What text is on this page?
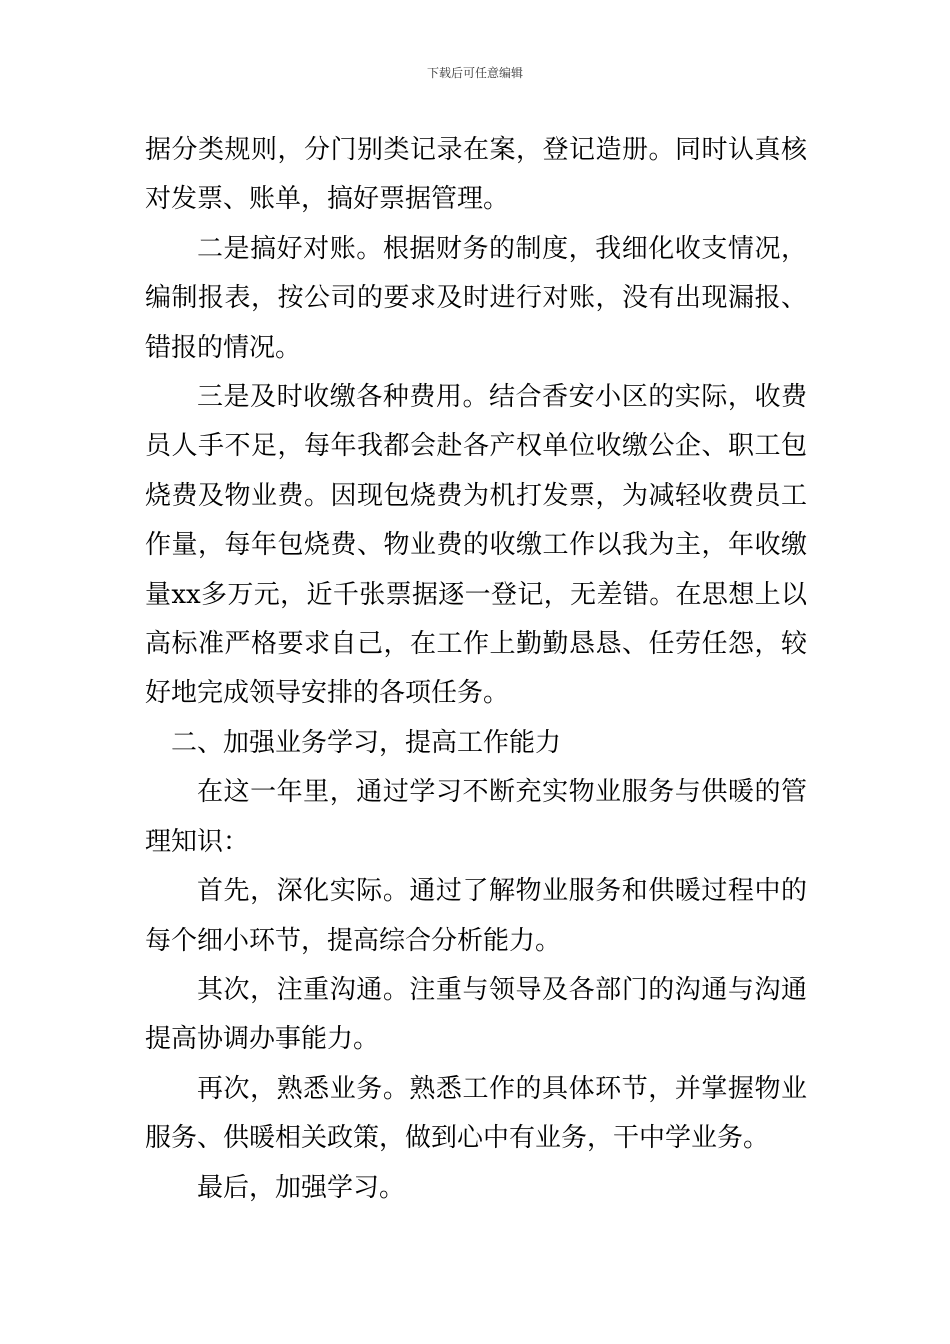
下载后可任意编辑

据分类规则，分门别类记录在案，登记造册。同时认真核对发票、账单，搞好票据管理。

二是搞好对账。根据财务的制度，我细化收支情况，编制报表，按公司的要求及时进行对账，没有出现漏报、错报的情况。

三是及时收缴各种费用。结合香安小区的实际，收费员人手不足，每年我都会赴各产权单位收缴公企、职工包烧费及物业费。因现包烧费为机打发票，为减轻收费员工作量，每年包烧费、物业费的收缴工作以我为主，年收缴量xx多万元，近千张票据逐一登记，无差错。在思想上以高标准严格要求自己，在工作上勤勤恳恳、任劳任怨，较好地完成领导安排的各项任务。

二、加强业务学习，提高工作能力

在这一年里，通过学习不断充实物业服务与供暖的管理知识：

首先，深化实际。通过了解物业服务和供暖过程中的每个细小环节，提高综合分析能力。

其次，注重沟通。注重与领导及各部门的沟通与沟通提高协调办事能力。

再次，熟悉业务。熟悉工作的具体环节，并掌握物业服务、供暖相关政策，做到心中有业务，干中学业务。

最后，加强学习。
